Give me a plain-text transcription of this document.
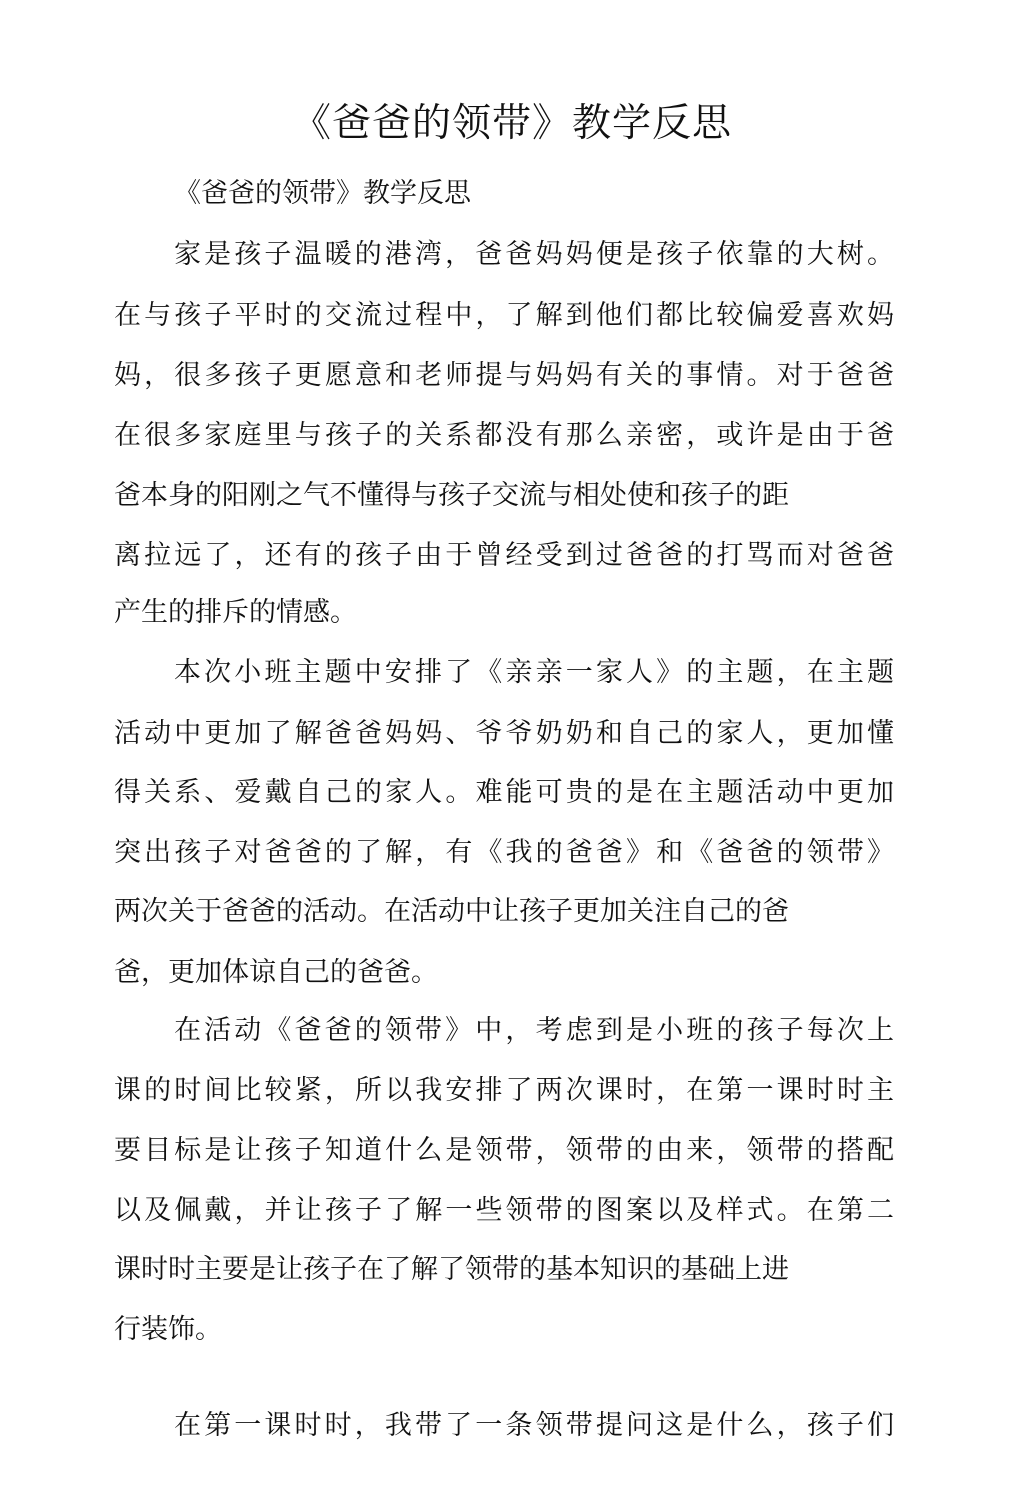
《爸爸的领带》教学反思

《爸爸的领带》教学反思

家是孩子温暖的港湾，爸爸妈妈便是孩子依靠的大树。

在与孩子平时的交流过程中，了解到他们都比较偏爱喜欢妈

妈，很多孩子更愿意和老师提与妈妈有关的事情。对于爸爸

在很多家庭里与孩子的关系都没有那么亲密，或许是由于爸

爸本身的阳刚之气不懂得与孩子交流与相处使和孩子的距

离拉远了，还有的孩子由于曾经受到过爸爸的打骂而对爸爸

产生的排斥的情感。

本次小班主题中安排了《亲亲一家人》的主题，在主题

活动中更加了解爸爸妈妈、爷爷奶奶和自己的家人，更加懂

得关系、爱戴自己的家人。难能可贵的是在主题活动中更加

突出孩子对爸爸的了解，有《我的爸爸》和《爸爸的领带》

两次关于爸爸的活动。在活动中让孩子更加关注自己的爸

爸，更加体谅自己的爸爸。

在活动《爸爸的领带》中，考虑到是小班的孩子每次上

课的时间比较紧，所以我安排了两次课时，在第一课时时主

要目标是让孩子知道什么是领带，领带的由来，领带的搭配

以及佩戴，并让孩子了解一些领带的图案以及样式。在第二

课时时主要是让孩子在了解了领带的基本知识的基础上进

行装饰。

在第一课时时，我带了一条领带提问这是什么，孩子们
